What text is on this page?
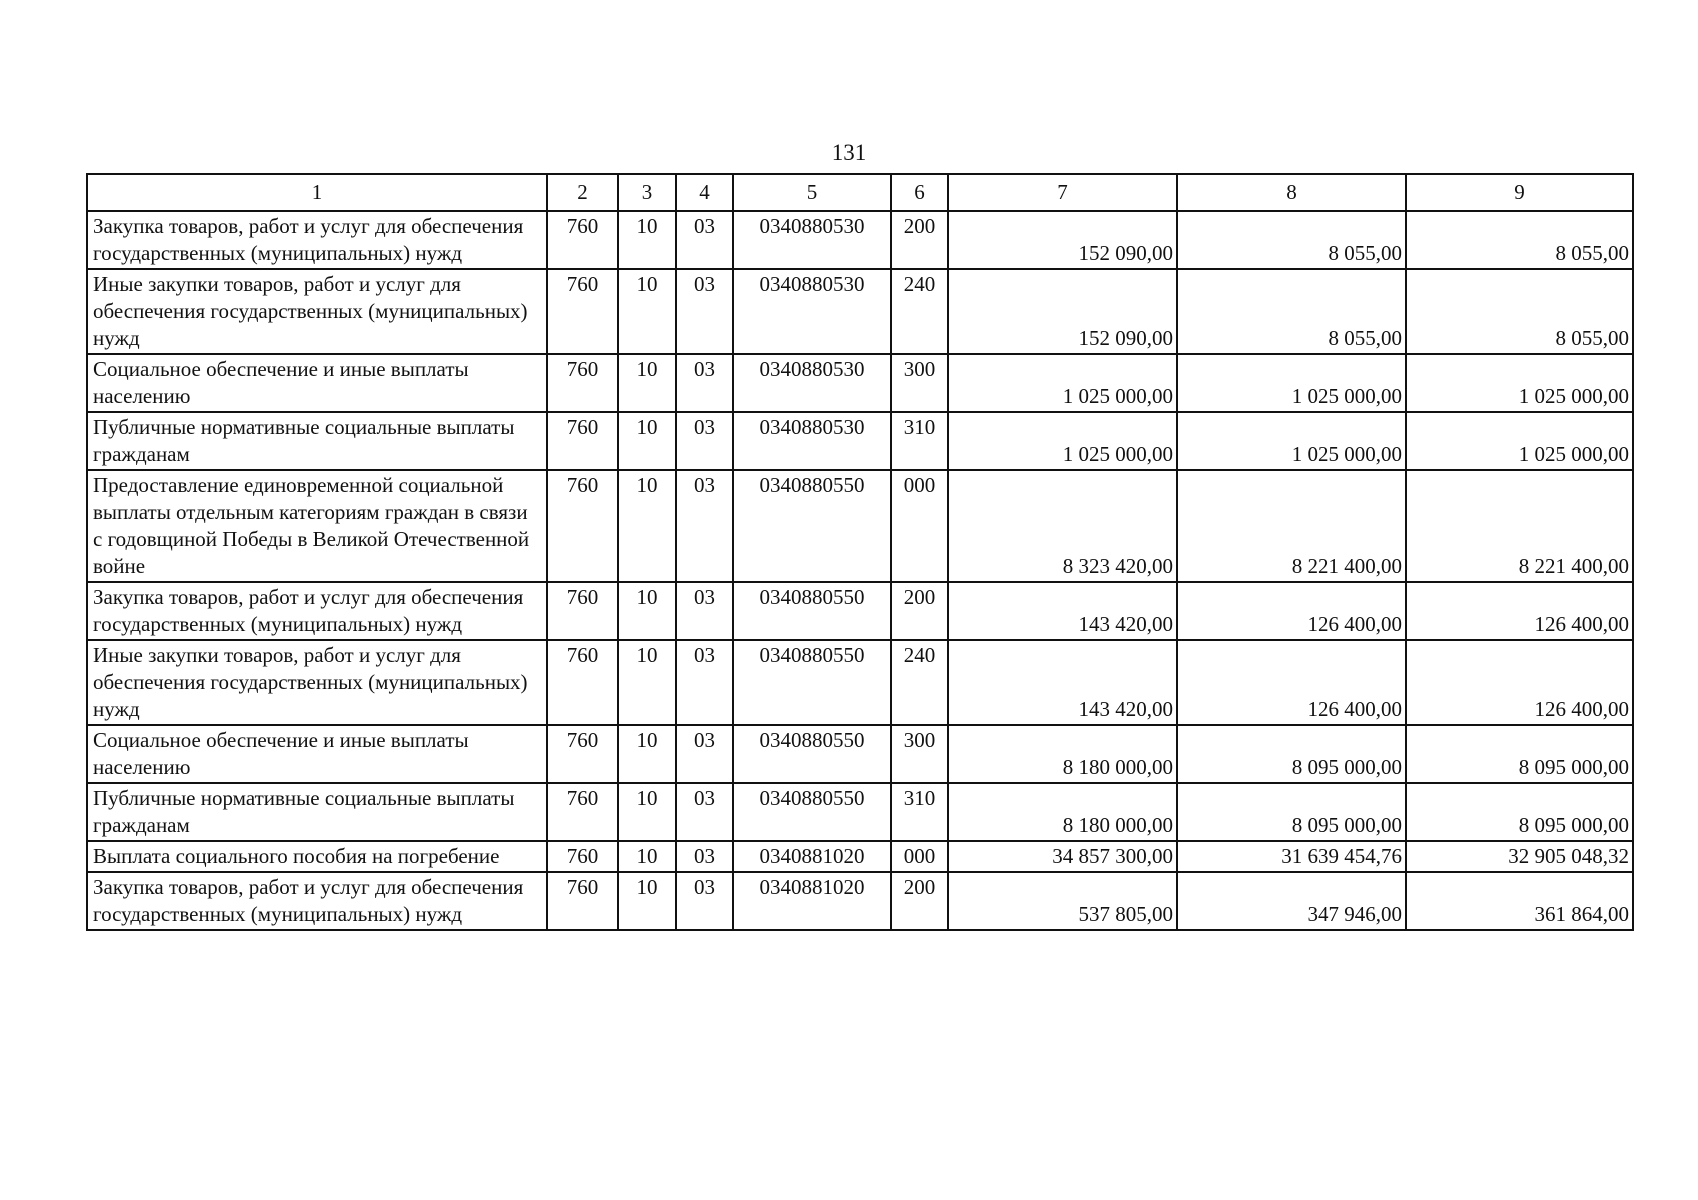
131
1	2	3	4	5	6	7	8	9
Закупка товаров, работ и услуг для обеспечения государственных (муниципальных) нужд	760	10	03	0340880530	200	152 090,00	8 055,00	8 055,00
Иные закупки товаров, работ и услуг для обеспечения государственных (муниципальных) нужд	760	10	03	0340880530	240	152 090,00	8 055,00	8 055,00
Социальное обеспечение и иные выплаты населению	760	10	03	0340880530	300	1 025 000,00	1 025 000,00	1 025 000,00
Публичные нормативные социальные выплаты гражданам	760	10	03	0340880530	310	1 025 000,00	1 025 000,00	1 025 000,00
Предоставление единовременной социальной выплаты отдельным категориям граждан в связи с годовщиной Победы в Великой Отечественной войне	760	10	03	0340880550	000	8 323 420,00	8 221 400,00	8 221 400,00
Закупка товаров, работ и услуг для обеспечения государственных (муниципальных) нужд	760	10	03	0340880550	200	143 420,00	126 400,00	126 400,00
Иные закупки товаров, работ и услуг для обеспечения государственных (муниципальных) нужд	760	10	03	0340880550	240	143 420,00	126 400,00	126 400,00
Социальное обеспечение и иные выплаты населению	760	10	03	0340880550	300	8 180 000,00	8 095 000,00	8 095 000,00
Публичные нормативные социальные выплаты гражданам	760	10	03	0340880550	310	8 180 000,00	8 095 000,00	8 095 000,00
Выплата социального пособия на погребение	760	10	03	0340881020	000	34 857 300,00	31 639 454,76	32 905 048,32
Закупка товаров, работ и услуг для обеспечения государственных (муниципальных) нужд	760	10	03	0340881020	200	537 805,00	347 946,00	361 864,00
